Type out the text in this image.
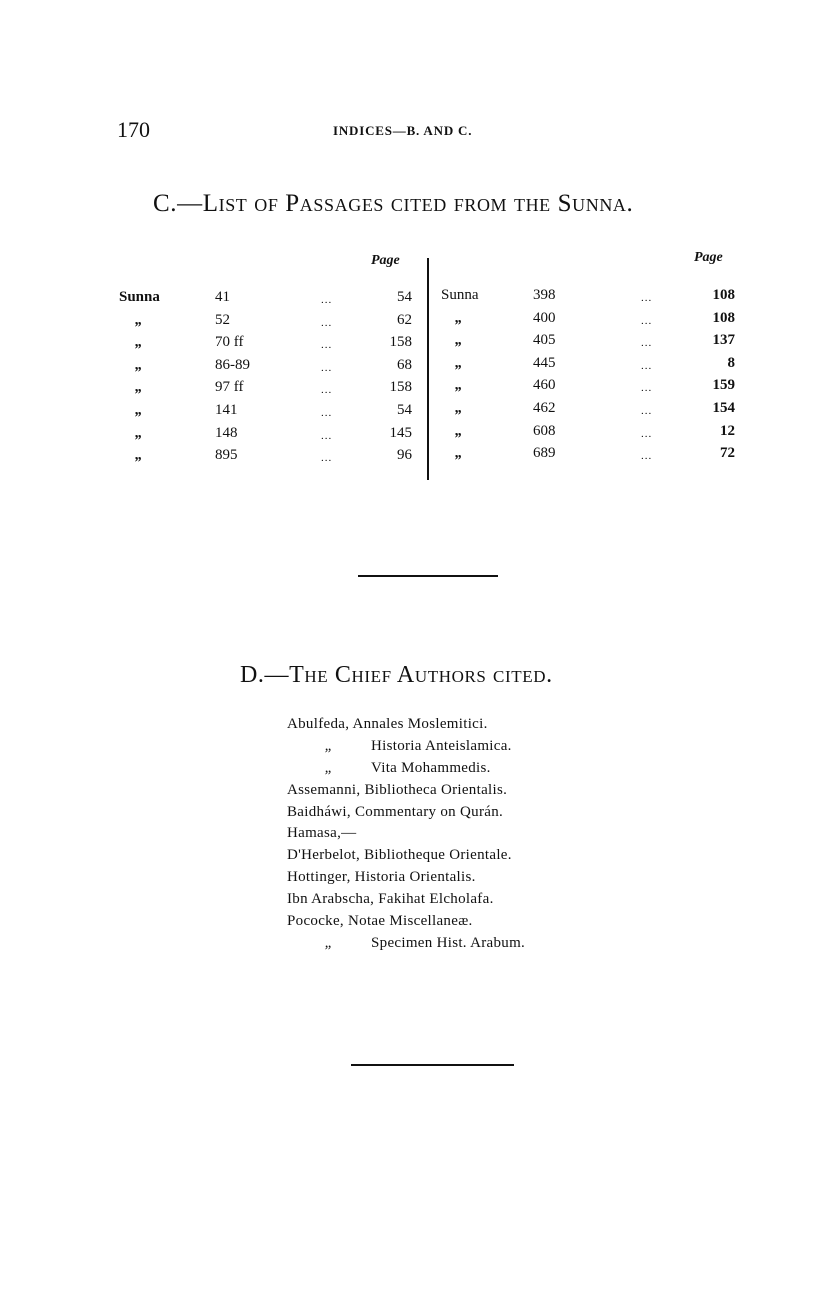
170	INDICES—B. AND C.
C.—List of Passages cited from the Sunna.
Page	Page
Sunna	41	...	54
„	52	...	62
„	70 ff	...	158
„	86-89	...	68
„	97 ff	...	158
„	141	...	54
„	148	...	145
„	895	...	96
Sunna	398	...	108
„	400	...	108
„	405	...	137
„	445	...	8
„	460	...	159
„	462	...	154
„	608	...	12
„	689	...	72
D.—The Chief Authors cited.
Abulfeda, Annales Moslemitici.
„	Historia Anteislamica.
„	Vita Mohammedis.
Assemanni, Bibliotheca Orientalis.
Baidháwi, Commentary on Qurán.
Hamasa,—
D'Herbelot, Bibliotheque Orientale.
Hottinger, Historia Orientalis.
Ibn Arabscha, Fakihat Elcholafa.
Pococke, Notae Miscellaneæ.
„	Specimen Hist. Arabum.
